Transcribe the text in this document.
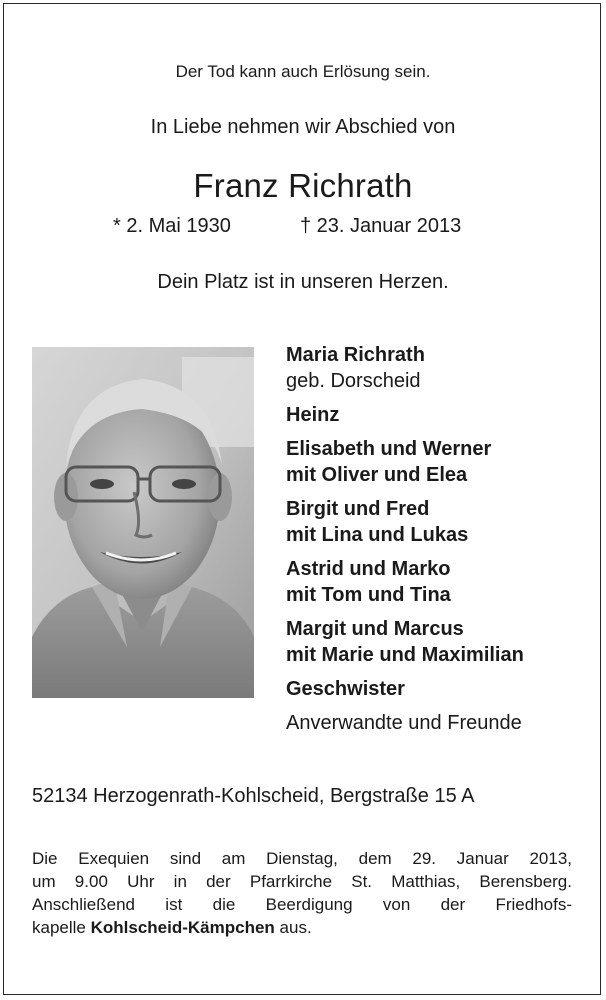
Der Tod kann auch Erlösung sein.
In Liebe nehmen wir Abschied von
Franz Richrath
* 2. Mai 1930	† 23. Januar 2013
Dein Platz ist in unseren Herzen.
Maria Richrath
geb. Dorscheid
Heinz
Elisabeth und Werner
mit Oliver und Elea
Birgit und Fred
mit Lina und Lukas
Astrid und Marko
mit Tom und Tina
Margit und Marcus
mit Marie und Maximilian
Geschwister
Anverwandte und Freunde
52134 Herzogenrath-Kohlscheid, Bergstraße 15 A
Die Exequien sind am Dienstag, dem 29. Januar 2013,
um 9.00 Uhr in der Pfarrkirche St. Matthias, Berensberg.
Anschließend ist die Beerdigung von der Friedhofs-
kapelle Kohlscheid-Kämpchen aus.
